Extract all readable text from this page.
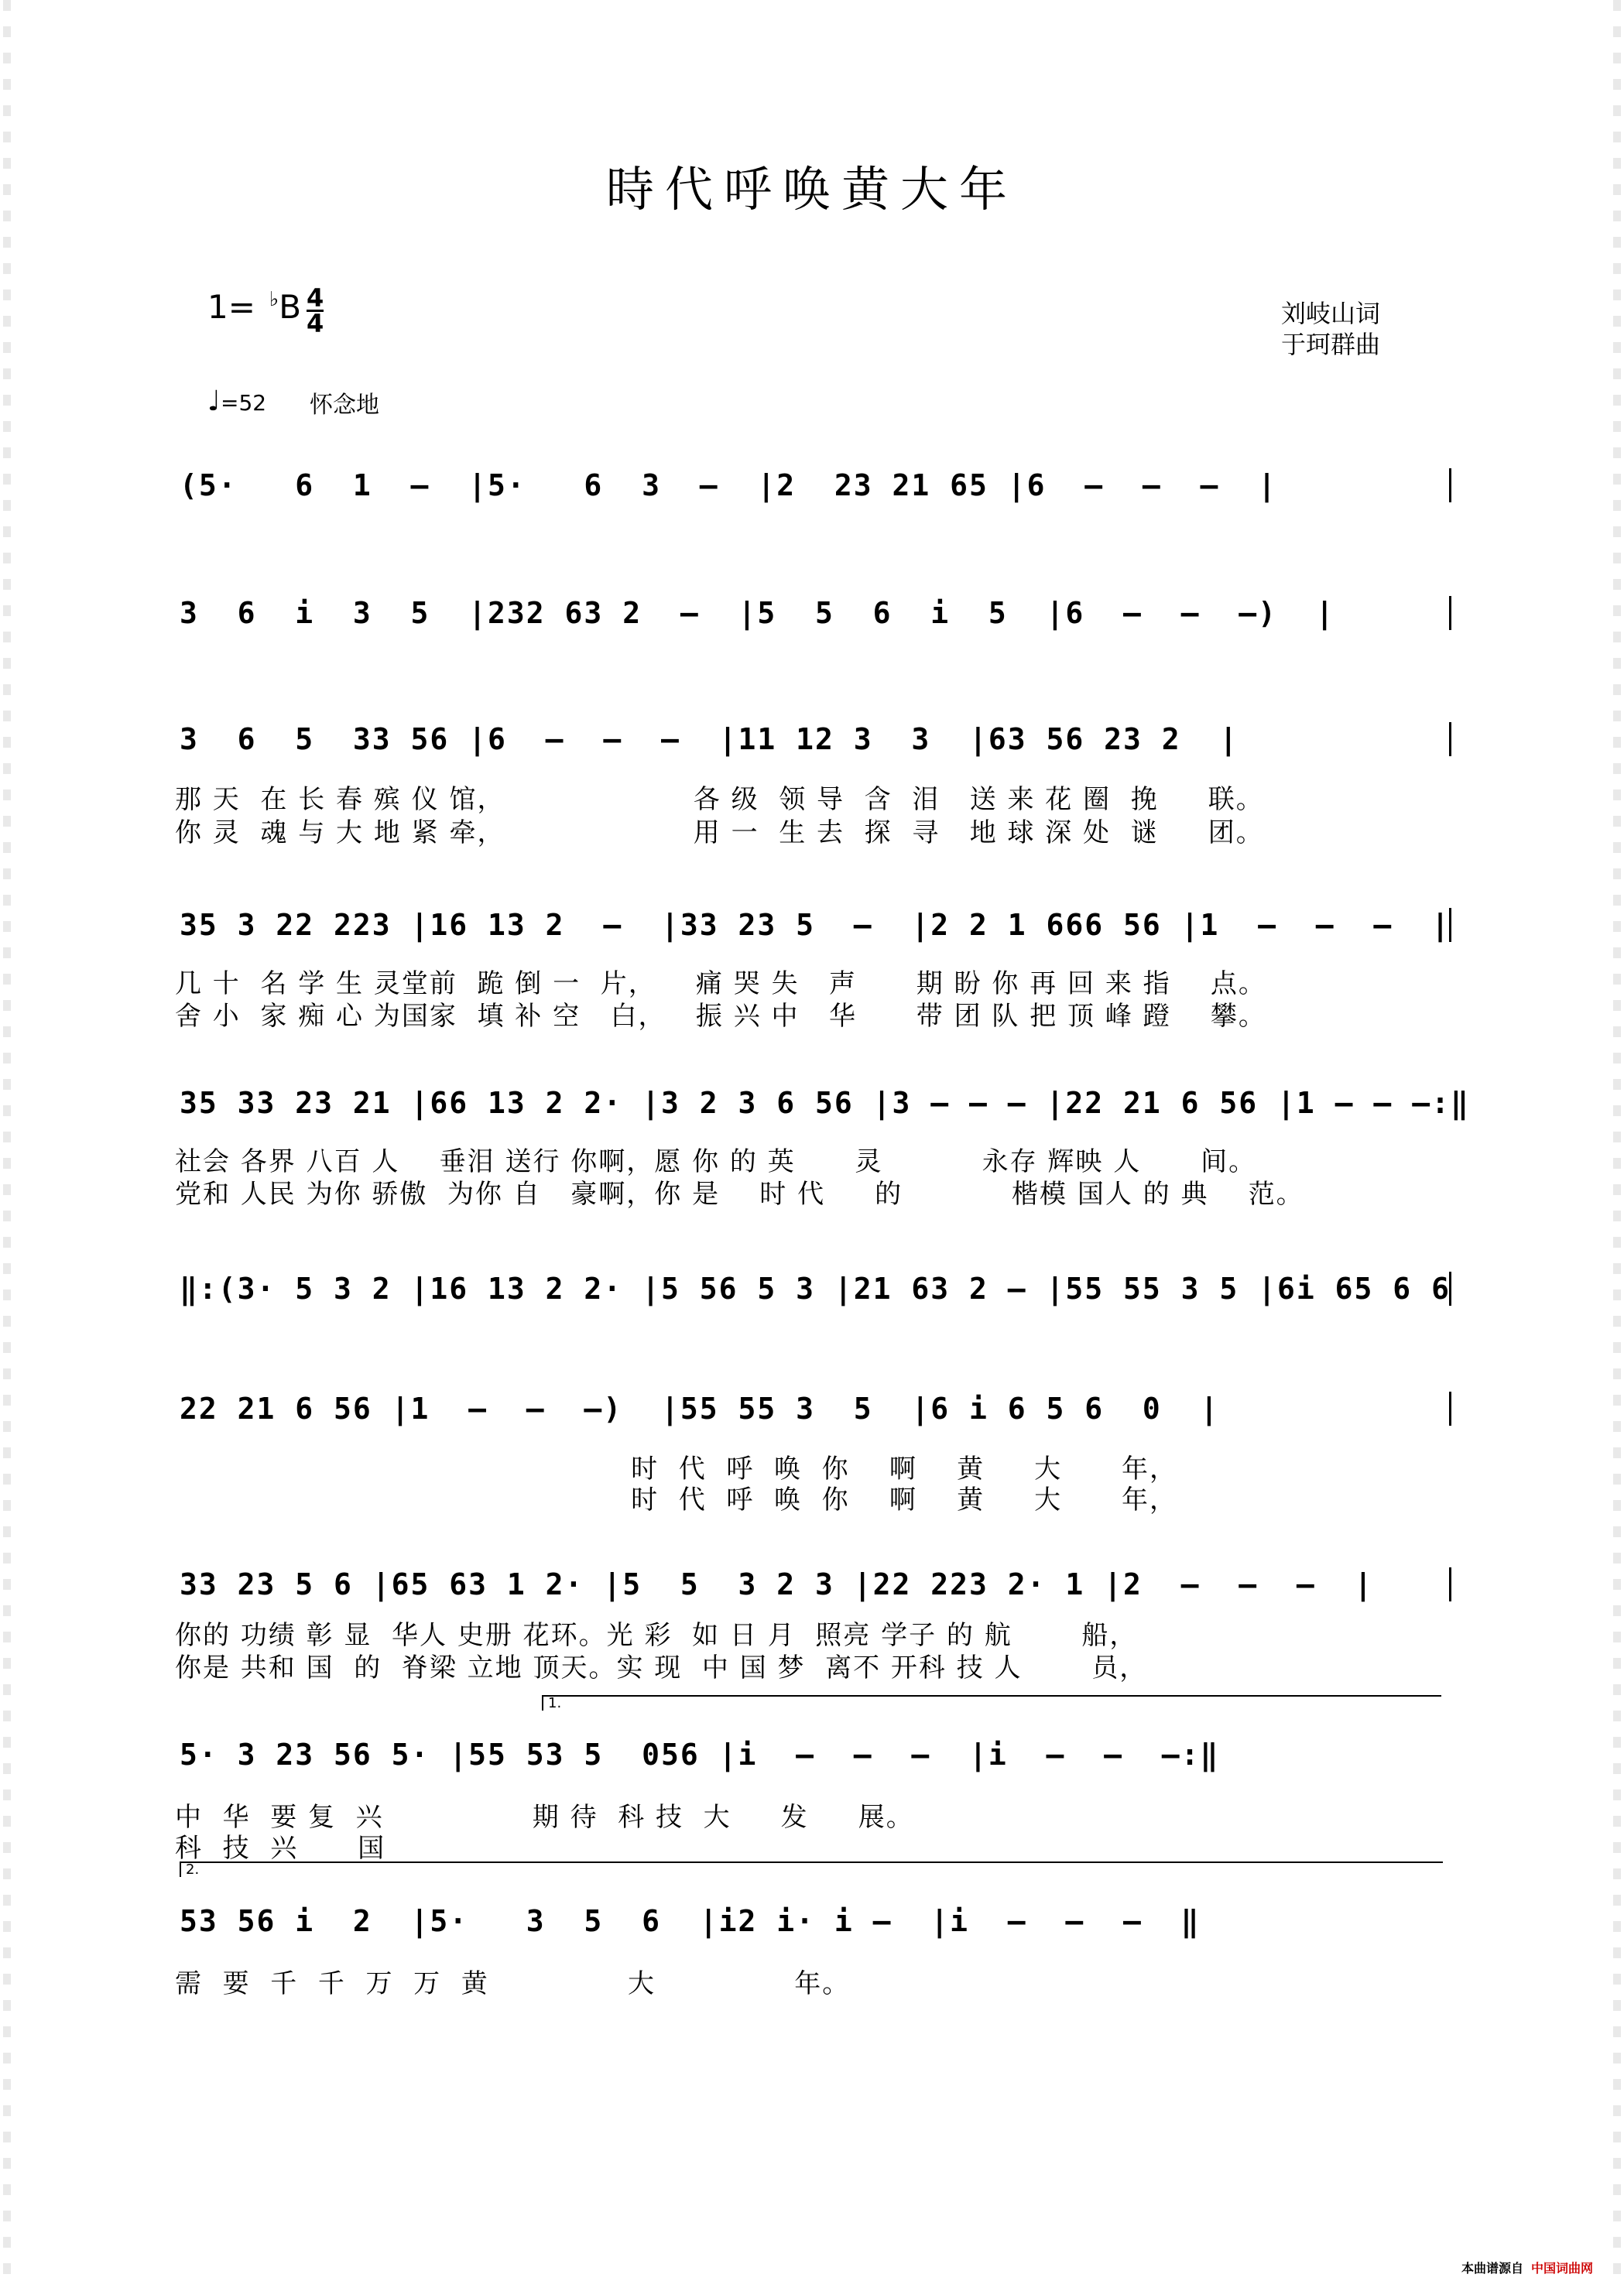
時代呼唤黄大年
1= ♭B 4
4	刘岐山词
于珂群曲
♩=52 怀念地
(5·   6  1  –  |5·   6  3  –  |2  23 21 65 |6  –  –  –  |
3  6  i  3  5  |232 63 2  –  |5  5  6  i  5  |6  –  –  –)  |
3  6  5  33 56 |6  –  –  –  |11 12 3  3  |63 56 23 2  |
那 天  在 长 春 殡 仪 馆，                   各 级  领 导  含  泪   送 来 花 圈  挽     联。
你 灵  魂 与 大 地 紧 牵，                   用 一  生 去  探  寻   地 球 深 处  谜     团。
35 3 22 223 |16 13 2  –  |33 23 5  –  |2 2 1 666 56 |1  –  –  –  |
几 十  名 学 生 灵堂前  跪 倒 一  片，    痛 哭 失   声      期 盼 你 再 回 来 指    点。
舍 小  家 痴 心 为国家  填 补 空   白，   振 兴 中   华      带 团 队 把 顶 峰 蹬    攀。
35 33 23 21 |66 13 2 2· |3 2 3 6 56 |3 – – – |22 21 6 56 |1 – – –:‖
社会 各界 八百 人    垂泪 送行 你啊，愿 你 的 英      灵          永存 辉映 人      间。
党和 人民 为你 骄傲  为你 自   豪啊，你 是    时 代     的           楷模 国人 的 典    范。
‖:(3· 5 3 2 |16 13 2 2· |5 56 5 3 |21 63 2 – |55 55 3 5 |6i 65 6 6
22 21 6 56 |1  –  –  –)  |55 55 3  5  |6 i 6 5 6  0  |
时  代  呼  唤  你    啊    黄     大      年，
时  代  呼  唤  你    啊    黄     大      年，
33 23 5 6 |65 63 1 2· |5  5  3 2 3 |22 223 2· 1 |2  –  –  –  |
你的 功绩 彰 显  华人 史册 花环。光 彩  如 日 月  照亮 学子 的 航       船，
你是 共和 国  的  脊梁 立地 顶天。实 现  中 国 梦  离不 开科 技 人       员，
1.
5· 3 23 56 5· |55 53 5  056 |i  –  –  –  |i  –  –  –:‖
中  华  要 复  兴               期 待  科 技  大     发     展。
科  技  兴      国
2.
53 56 i  2  |5·   3  5  6  |i2 i· i –  |i  –  –  –  ‖
需  要  千  千  万  万  黄              大              年。
本曲谱源自 中国词曲网
